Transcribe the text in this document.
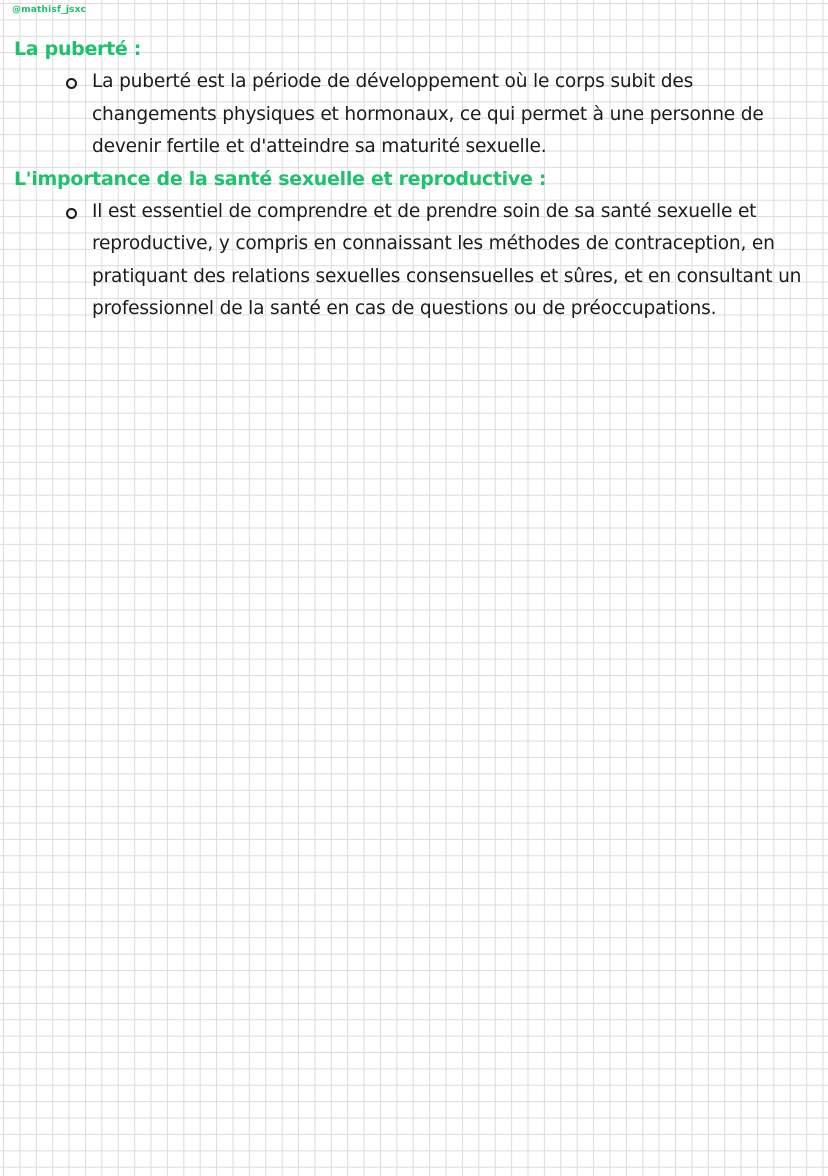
@mathisf_jsxc
La puberté :
La puberté est la période de développement où le corps subit des changements physiques et hormonaux, ce qui permet à une personne de devenir fertile et d'atteindre sa maturité sexuelle.
L'importance de la santé sexuelle et reproductive :
Il est essentiel de comprendre et de prendre soin de sa santé sexuelle et reproductive, y compris en connaissant les méthodes de contraception, en pratiquant des relations sexuelles consensuelles et sûres, et en consultant un professionnel de la santé en cas de questions ou de préoccupations.
